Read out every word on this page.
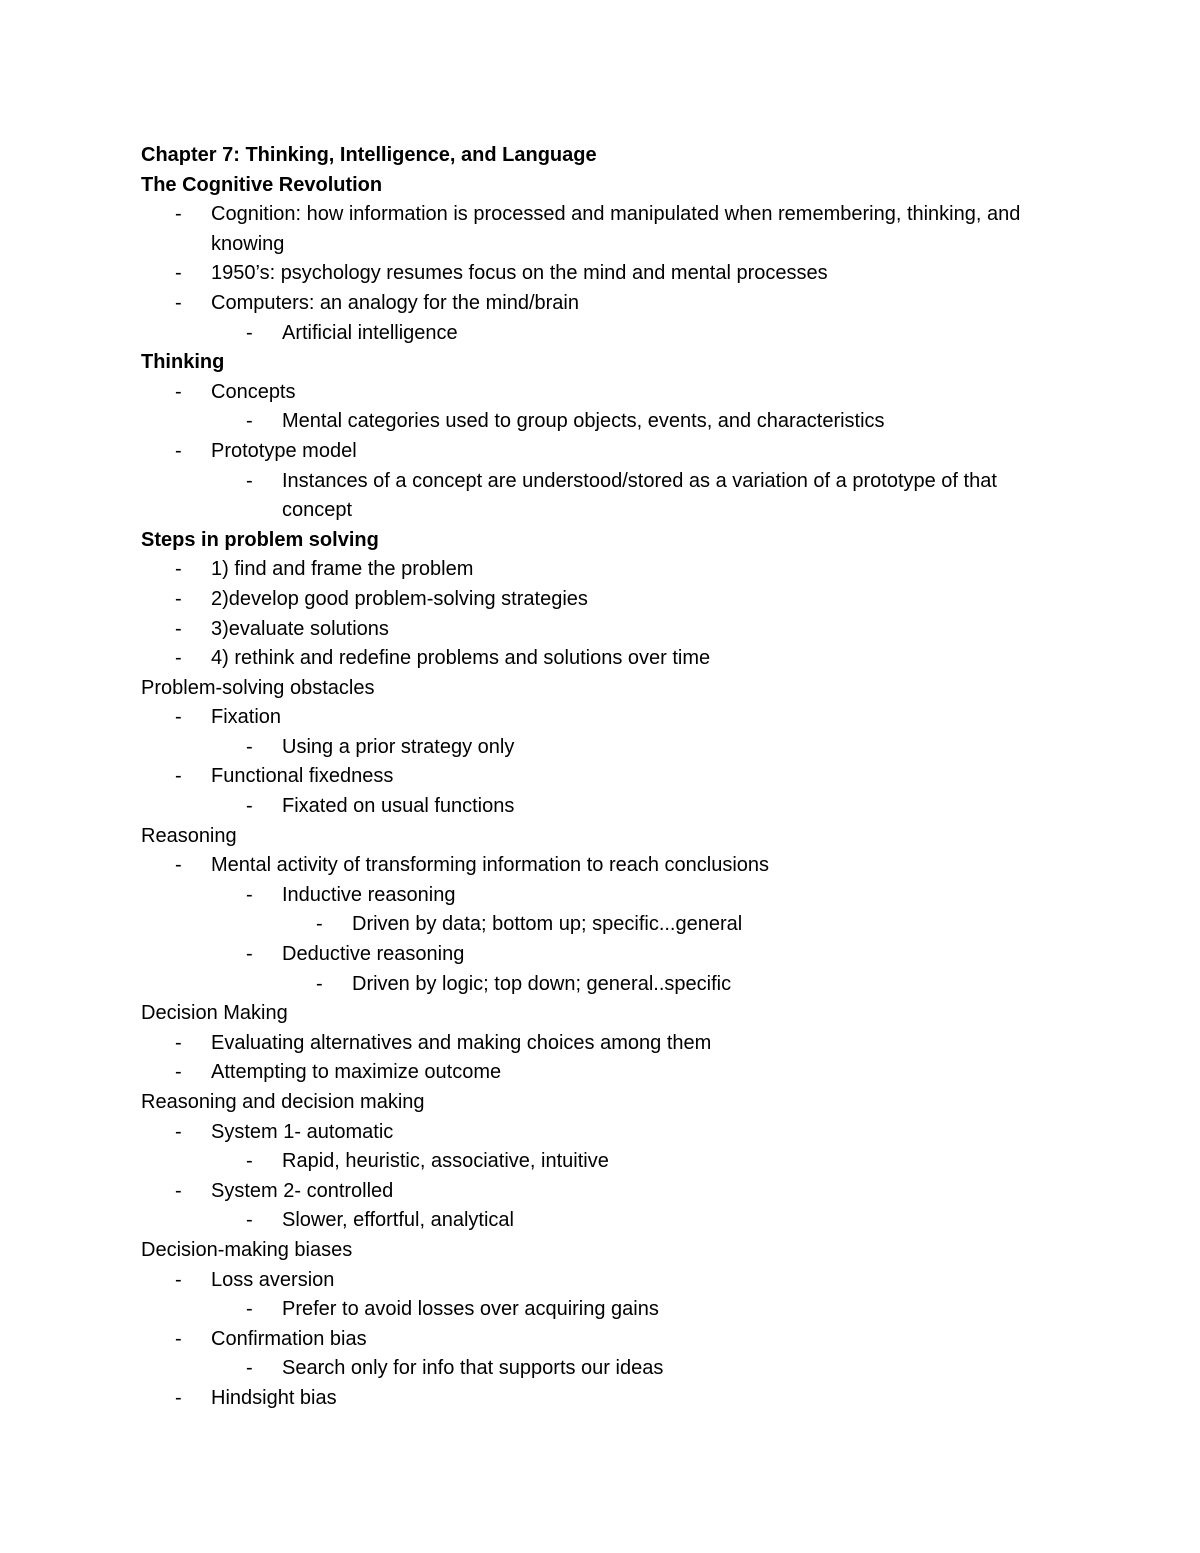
Chapter 7: Thinking, Intelligence, and Language
The Cognitive Revolution
- Cognition: how information is processed and manipulated when remembering, thinking, and knowing
- 1950’s: psychology resumes focus on the mind and mental processes
- Computers: an analogy for the mind/brain
- Artificial intelligence
Thinking
- Concepts
- Mental categories used to group objects, events, and characteristics
- Prototype model
- Instances of a concept are understood/stored as a variation of a prototype of that concept
Steps in problem solving
- 1) find and frame the problem
- 2)develop good problem-solving strategies
- 3)evaluate solutions
- 4) rethink and redefine problems and solutions over time
Problem-solving obstacles
- Fixation
- Using a prior strategy only
- Functional fixedness
- Fixated on usual functions
Reasoning
- Mental activity of transforming information to reach conclusions
- Inductive reasoning
- Driven by data; bottom up; specific...general
- Deductive reasoning
- Driven by logic; top down; general..specific
Decision Making
- Evaluating alternatives and making choices among them
- Attempting to maximize outcome
Reasoning and decision making
- System 1- automatic
- Rapid, heuristic, associative, intuitive
- System 2- controlled
- Slower, effortful, analytical
Decision-making biases
- Loss aversion
- Prefer to avoid losses over acquiring gains
- Confirmation bias
- Search only for info that supports our ideas
- Hindsight bias
